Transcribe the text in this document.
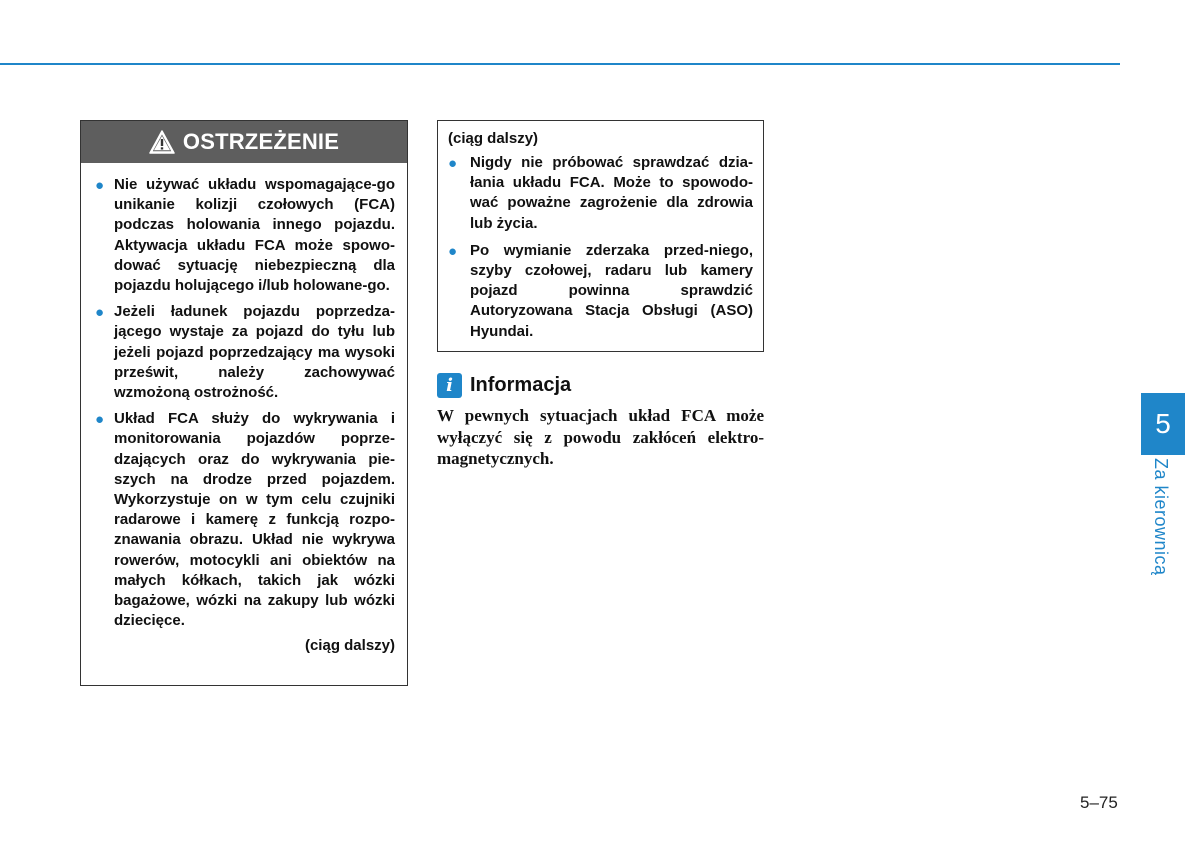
OSTRZEŻENIE
● Nie używać układu wspomagające-go unikanie kolizji czołowych (FCA) podczas holowania innego pojazdu. Aktywacja układu FCA może spowo-dować sytuację niebezpieczną dla pojazdu holującego i/lub holowane-go.
● Jeżeli ładunek pojazdu poprzedza-jącego wystaje za pojazd do tyłu lub jeżeli pojazd poprzedzający ma wysoki prześwit, należy zachowywać wzmożoną ostrożność.
● Układ FCA służy do wykrywania i monitorowania pojazdów poprze-dzających oraz do wykrywania pie-szych na drodze przed pojazdem. Wykorzystuje on w tym celu czujniki radarowe i kamerę z funkcją rozpo-znawania obrazu. Układ nie wykrywa rowerów, motocykli ani obiektów na małych kółkach, takich jak wózki bagażowe, wózki na zakupy lub wózki dziecięce.
(ciąg dalszy)
(ciąg dalszy)
● Nigdy nie próbować sprawdzać dzia-łania układu FCA. Może to spowodo-wać poważne zagrożenie dla zdrowia lub życia.
● Po wymianie zderzaka przed-niego, szyby czołowej, radaru lub kamery pojazd powinna sprawdzić Autoryzowana Stacja Obsługi (ASO) Hyundai.
i Informacja
W pewnych sytuacjach układ FCA może wyłączyć się z powodu zakłóceń elektro-magnetycznych.
5
Za kierownicą
5–75
